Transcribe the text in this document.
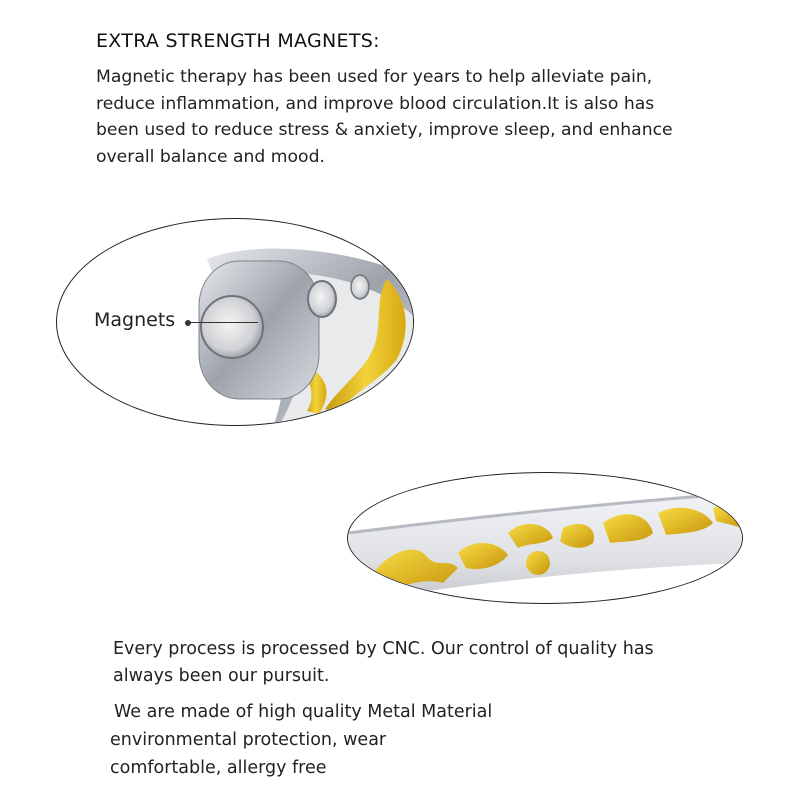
EXTRA STRENGTH MAGNETS:
Magnetic therapy has been used for years to help alleviate pain,
reduce inflammation, and improve blood circulation.It is also has
been used to reduce stress & anxiety, improve sleep, and enhance
overall balance and mood.
Magnets
Every process is processed by CNC. Our control of quality has
always been our pursuit.
We are made of high quality Metal Material
environmental protection, wear
comfortable, allergy free
